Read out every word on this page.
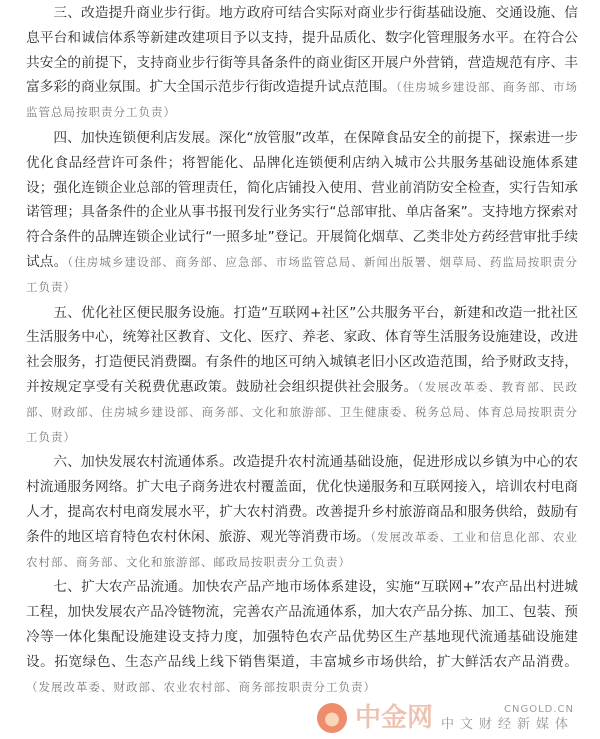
三、改造提升商业步行街。地方政府可结合实际对商业步行街基础设施、交通设施、信息平台和诚信体系等新建改建项目予以支持，提升品质化、数字化管理服务水平。在符合公共安全的前提下，支持商业步行街等具备条件的商业街区开展户外营销，营造规范有序、丰富多彩的商业氛围。扩大全国示范步行街改造提升试点范围。（住房城乡建设部、商务部、市场监管总局按职责分工负责）

四、加快连锁便利店发展。深化“放管服”改革，在保障食品安全的前提下，探索进一步优化食品经营许可条件；将智能化、品牌化连锁便利店纳入城市公共服务基础设施体系建设；强化连锁企业总部的管理责任，简化店铺投入使用、营业前消防安全检查，实行告知承诺管理；具备条件的企业从事书报刊发行业务实行“总部审批、单店备案”。支持地方探索对符合条件的品牌连锁企业试行“一照多址”登记。开展简化烟草、乙类非处方药经营审批手续试点。（住房城乡建设部、商务部、应急部、市场监管总局、新闻出版署、烟草局、药监局按职责分工负责）

五、优化社区便民服务设施。打造“互联网+社区”公共服务平台，新建和改造一批社区生活服务中心，统筹社区教育、文化、医疗、养老、家政、体育等生活服务设施建设，改进社会服务，打造便民消费圈。有条件的地区可纳入城镇老旧小区改造范围，给予财政支持，并按规定享受有关税费优惠政策。鼓励社会组织提供社会服务。（发展改革委、教育部、民政部、财政部、住房城乡建设部、商务部、文化和旅游部、卫生健康委、税务总局、体育总局按职责分工负责）

六、加快发展农村流通体系。改造提升农村流通基础设施，促进形成以乡镇为中心的农村流通服务网络。扩大电子商务进农村覆盖面，优化快递服务和互联网接入，培训农村电商人才，提高农村电商发展水平，扩大农村消费。改善提升乡村旅游商品和服务供给，鼓励有条件的地区培育特色农村休闲、旅游、观光等消费市场。（发展改革委、工业和信息化部、农业农村部、商务部、文化和旅游部、邮政局按职责分工负责）

七、扩大农产品流通。加快农产品产地市场体系建设，实施“互联网+”农产品出村进城工程，加快发展农产品冷链物流，完善农产品流通体系，加大农产品分拣、加工、包装、预冷等一体化集配设施建设支持力度，加强特色农产品优势区生产基地现代流通基础设施建设。拓宽绿色、生态产品线上线下销售渠道，丰富城乡市场供给，扩大鲜活农产品消费。（发展改革委、财政部、农业农村部、商务部按职责分工负责）

中金网	CNGOLD.CN
中文财经新媒体
